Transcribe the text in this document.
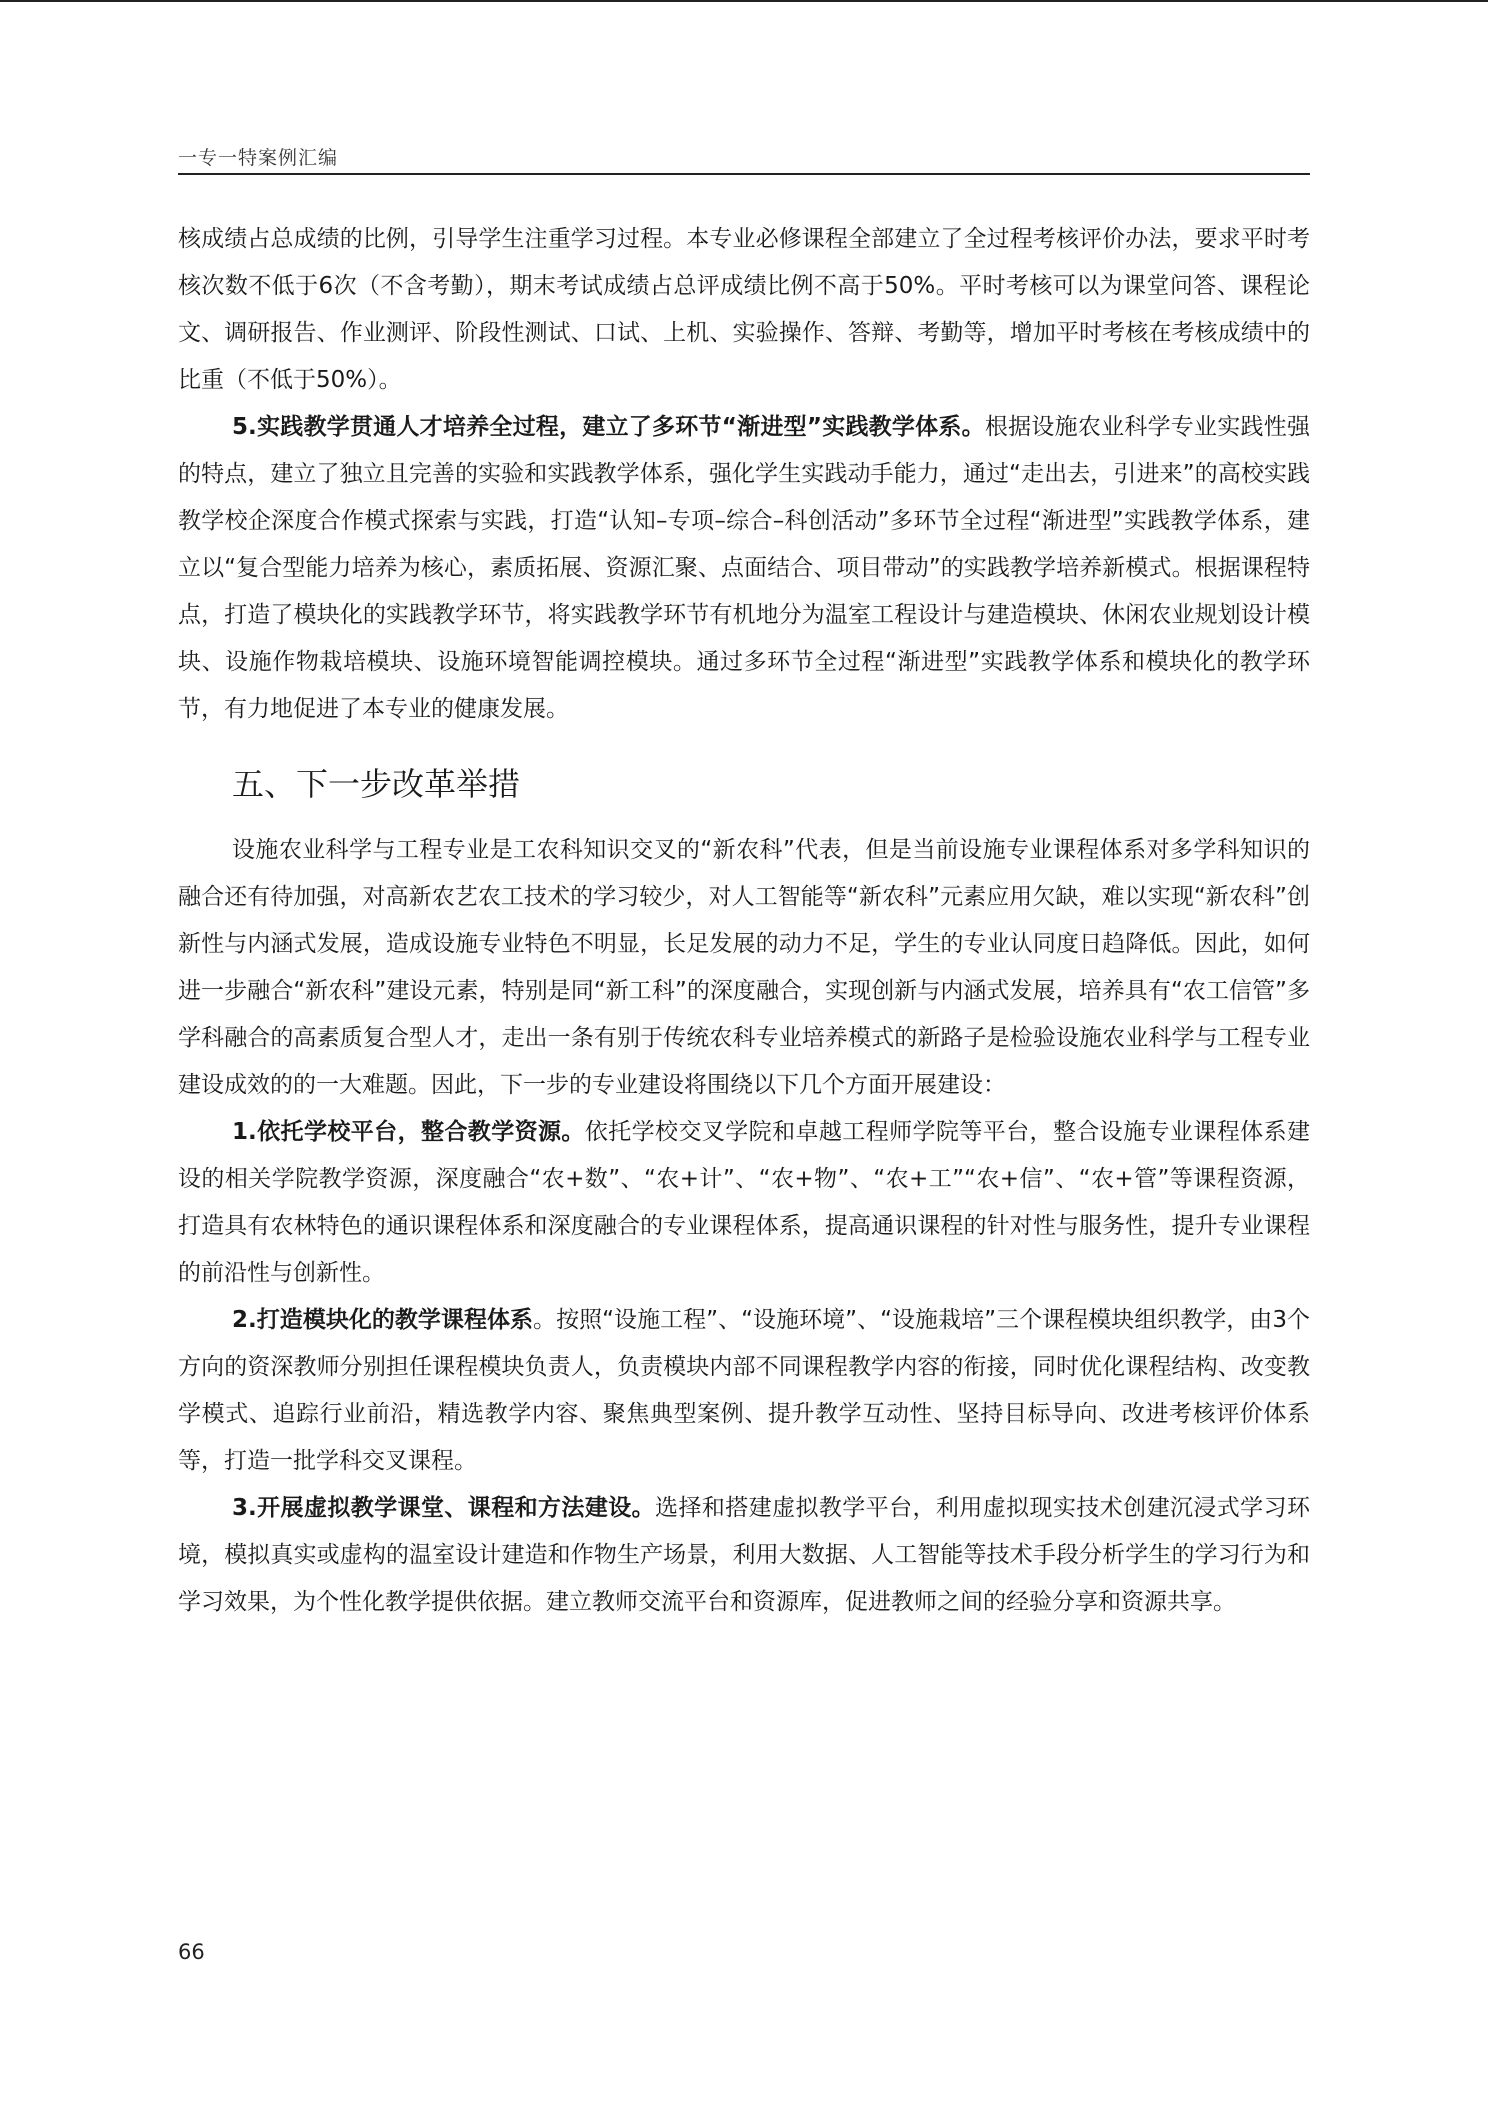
一专一特案例汇编

核成绩占总成绩的比例，引导学生注重学习过程。本专业必修课程全部建立了全过程考核评价办法，要求平时考核次数不低于6次（不含考勤），期末考试成绩占总评成绩比例不高于50%。平时考核可以为课堂问答、课程论文、调研报告、作业测评、阶段性测试、口试、上机、实验操作、答辩、考勤等，增加平时考核在考核成绩中的比重（不低于50%）。

5.实践教学贯通人才培养全过程，建立了多环节“渐进型”实践教学体系。根据设施农业科学专业实践性强的特点，建立了独立且完善的实验和实践教学体系，强化学生实践动手能力，通过“走出去，引进来”的高校实践教学校企深度合作模式探索与实践，打造“认知–专项–综合–科创活动”多环节全过程“渐进型”实践教学体系，建立以“复合型能力培养为核心，素质拓展、资源汇聚、点面结合、项目带动”的实践教学培养新模式。根据课程特点，打造了模块化的实践教学环节，将实践教学环节有机地分为温室工程设计与建造模块、休闲农业规划设计模块、设施作物栽培模块、设施环境智能调控模块。通过多环节全过程“渐进型”实践教学体系和模块化的教学环节，有力地促进了本专业的健康发展。

五、下一步改革举措

设施农业科学与工程专业是工农科知识交叉的“新农科”代表，但是当前设施专业课程体系对多学科知识的融合还有待加强，对高新农艺农工技术的学习较少，对人工智能等“新农科”元素应用欠缺，难以实现“新农科”创新性与内涵式发展，造成设施专业特色不明显，长足发展的动力不足，学生的专业认同度日趋降低。因此，如何进一步融合“新农科”建设元素，特别是同“新工科”的深度融合，实现创新与内涵式发展，培养具有“农工信管”多学科融合的高素质复合型人才，走出一条有别于传统农科专业培养模式的新路子是检验设施农业科学与工程专业建设成效的的一大难题。因此，下一步的专业建设将围绕以下几个方面开展建设：

1.依托学校平台，整合教学资源。依托学校交叉学院和卓越工程师学院等平台，整合设施专业课程体系建设的相关学院教学资源，深度融合“农+数”、“农+计”、“农+物”、“农+工”“农+信”、“农+管”等课程资源，打造具有农林特色的通识课程体系和深度融合的专业课程体系，提高通识课程的针对性与服务性，提升专业课程的前沿性与创新性。

2.打造模块化的教学课程体系。按照“设施工程”、“设施环境”、“设施栽培”三个课程模块组织教学，由3个方向的资深教师分别担任课程模块负责人，负责模块内部不同课程教学内容的衔接，同时优化课程结构、改变教学模式、追踪行业前沿，精选教学内容、聚焦典型案例、提升教学互动性、坚持目标导向、改进考核评价体系等，打造一批学科交叉课程。

3.开展虚拟教学课堂、课程和方法建设。选择和搭建虚拟教学平台，利用虚拟现实技术创建沉浸式学习环境，模拟真实或虚构的温室设计建造和作物生产场景，利用大数据、人工智能等技术手段分析学生的学习行为和学习效果，为个性化教学提供依据。建立教师交流平台和资源库，促进教师之间的经验分享和资源共享。

66
